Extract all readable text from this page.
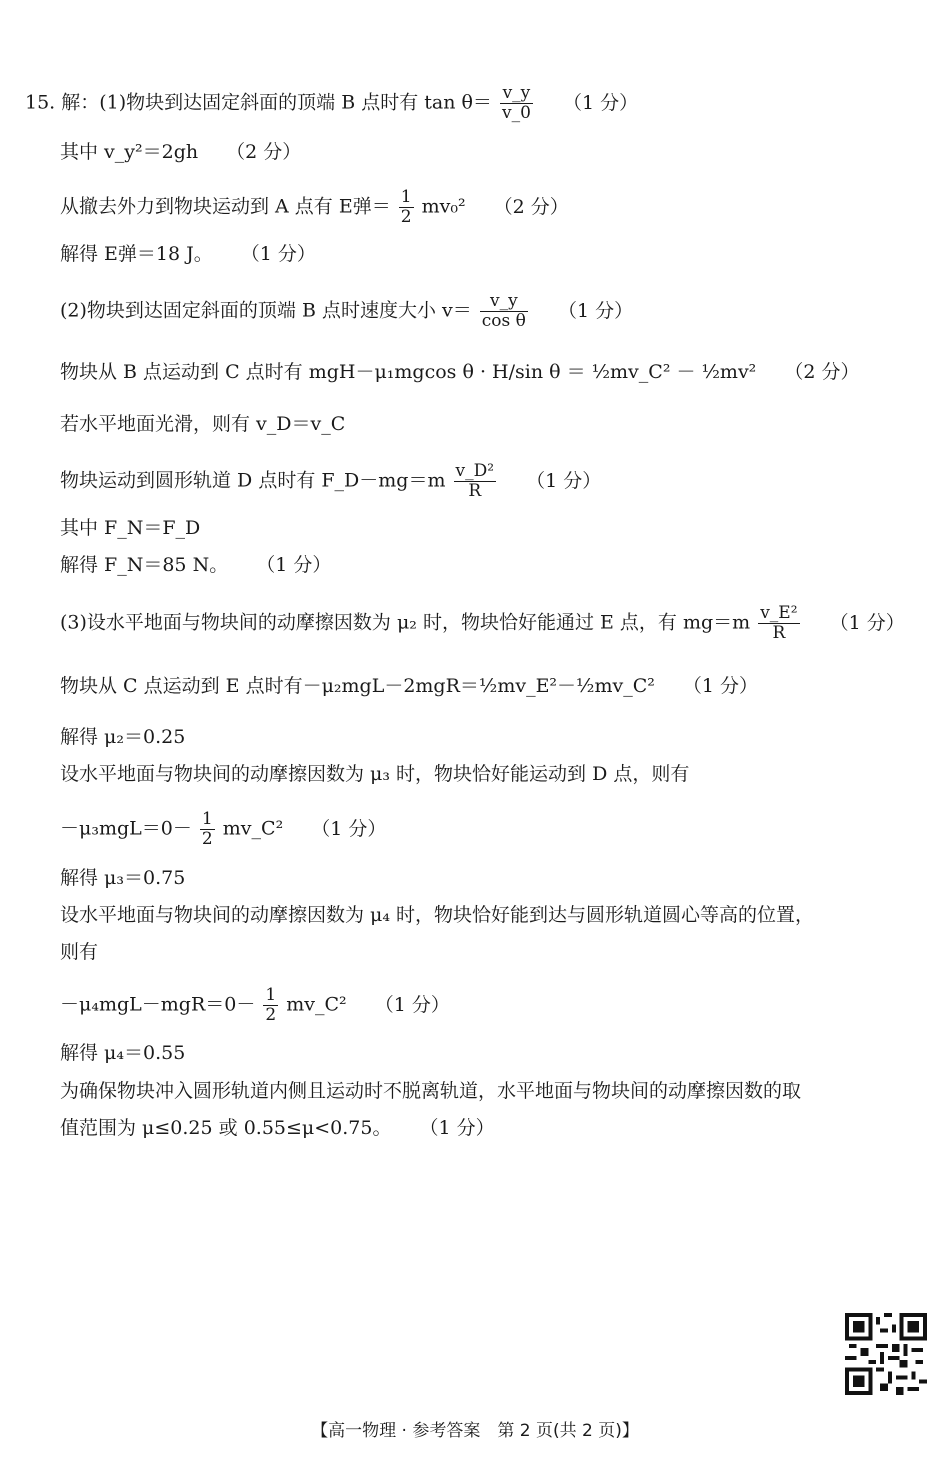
15. 解：(1)物块到达固定斜面的顶端 B 点时有 $\tan \theta= \frac{v\_y}{v\_0} (1$ 分）
其中 v_y²＝2gh （2 分）
从撤去外力到物块运动到 A 点有 E弹＝ $\frac{1}{2} mv_0^2$ （2 分）
解得 E弹＝18 J。 （1 分）
(2)物块到达固定斜面的顶端 B 点时速度大小 $v= \frac{v\_y}{\text{cos θ}} (1$ 分）
物块从 B 点运动到 C 点时有 mgH－μ₁mgcos θ · H/sin θ ＝ ½mv_C² － ½mv² （2 分）
若水平地面光滑，则有 v_D＝v_C
物块运动到圆形轨道 D 点时有 F_D－mg＝m $\frac{\text{v\_D²}}{R} (1$ 分）
其中 F_N＝F_D
解得 F_N＝85 N。 （1 分）
(3)设水平地面与物块间的动摩擦因数为 μ₂ 时，物块恰好能通过 E 点，有 $mg=m \frac{\text{v\_E²}}{R} (1$ 分）
物块从 C 点运动到 E 点时有－μ₂mgL－2mgR＝½mv_E²－½mv_C² （1 分）
解得 μ₂＝0.25
设水平地面与物块间的动摩擦因数为 μ₃ 时，物块恰好能运动到 D 点，则有
$-\mu_3mgL=0- \frac{1}{2}$ mv_C² （1 分）
解得 μ₃＝0.75
设水平地面与物块间的动摩擦因数为 μ₄ 时，物块恰好能到达与圆形轨道圆心等高的位置，
则有
$-\mu_4mgL-mgR=0- \frac{1}{2}$ mv_C² （1 分）
解得 μ₄＝0.55
为确保物块冲入圆形轨道内侧且运动时不脱离轨道，水平地面与物块间的动摩擦因数的取
值范围为 μ≤0.25 或 0.55≤μ<0.75。 （1 分）
【高一物理 · 参考答案　第 2 页(共 2 页)】
